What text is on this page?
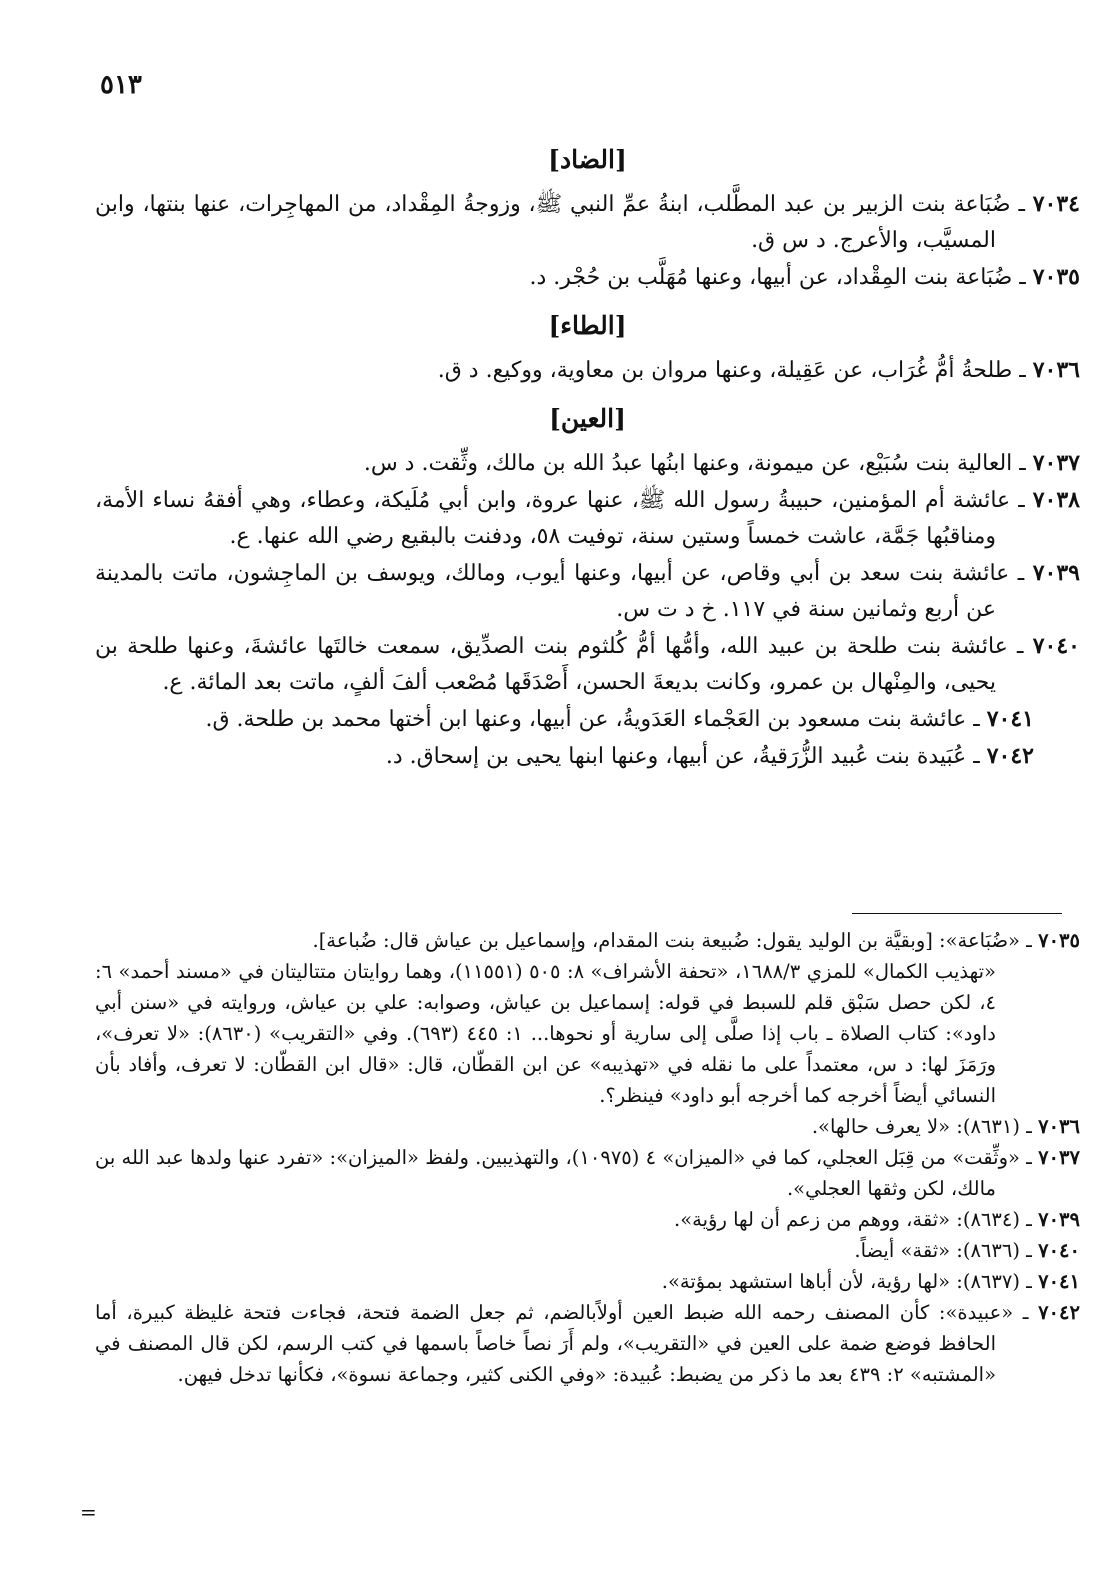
٥١٣
[الضاد]

٧٠٣٤ ـ ضُبَاعة بنت الزبير بن عبد المطَّلب، ابنةُ عمِّ النبي ﷺ، وزوجةُ المِقْداد، من المهاجِرات، عنها بنتها، وابن المسيَّب، والأعرج. د س ق.

٧٠٣٥ ـ ضُبَاعة بنت المِقْداد، عن أبيها، وعنها مُهَلَّب بن حُجْر. د.

[الطاء]

٧٠٣٦ ـ طلحةُ أمُّ غُرَاب، عن عَقِيلة، وعنها مروان بن معاوية، ووكيع. د ق.

[العين]

٧٠٣٧ ـ العالية بنت سُبَيْع، عن ميمونة، وعنها ابنُها عبدُ الله بن مالك، وثِّقت. د س.

٧٠٣٨ ـ عائشة أم المؤمنين، حبيبةُ رسول الله ﷺ، عنها عروة، وابن أبي مُلَيكة، وعطاء، وهي أفقهُ نساء الأمة، ومناقبُها جَمَّة، عاشت خمساً وستين سنة، توفيت ٥٨، ودفنت بالبقيع رضي الله عنها. ع.

٧٠٣٩ ـ عائشة بنت سعد بن أبي وقاص، عن أبيها، وعنها أيوب، ومالك، ويوسف بن الماجِشون، ماتت بالمدينة عن أربع وثمانين سنة في ١١٧. خ د ت س.

٧٠٤٠ ـ عائشة بنت طلحة بن عبيد الله، وأمُّها أمُّ كُلثوم بنت الصدِّيق، سمعت خالتَها عائشةَ، وعنها طلحة بن يحيى، والمِنْهال بن عمرو، وكانت بديعةَ الحسن، أَصْدَقَها مُصْعب ألفَ ألفٍ، ماتت بعد المائة. ع.

٧٠٤١ ـ عائشة بنت مسعود بن العَجْماء العَدَويةُ، عن أبيها، وعنها ابن أختها محمد بن طلحة. ق.

٧٠٤٢ ـ عُبَيدة بنت عُبيد الزُّرَقيةُ، عن أبيها، وعنها ابنها يحيى بن إسحاق. د.

٧٠٣٥ ـ «ضُبَاعة»: [وبقيَّة بن الوليد يقول: ضُبيعة بنت المقدام، وإسماعيل بن عياش قال: ضُباعة].

«تهذيب الكمال» للمزي ١٦٨٨/٣، «تحفة الأشراف» ٨: ٥٠٥ (١١٥٥١)، وهما روايتان متتاليتان في «مسند أحمد» ٦: ٤، لكن حصل سَبْق قلم للسبط في قوله: إسماعيل بن عياش، وصوابه: علي بن عياش، وروايته في «سنن أبي داود»: كتاب الصلاة ـ باب إذا صلَّى إلى سارية أو نحوها... ١: ٤٤٥ (٦٩٣). وفي «التقريب» (٨٦٣٠): «لا تعرف»، ورَمَزَ لها: د س، معتمداً على ما نقله في «تهذيبه» عن ابن القطّان، قال: «قال ابن القطّان: لا تعرف، وأفاد بأن النسائي أيضاً أخرجه كما أخرجه أبو داود» فينظر؟.

٧٠٣٦ ـ (٨٦٣١): «لا يعرف حالها».

٧٠٣٧ ـ «وثِّقت» من قِبَل العجلي، كما في «الميزان» ٤ (١٠٩٧٥)، والتهذيبين. ولفظ «الميزان»: «تفرد عنها ولدها عبد الله بن مالك، لكن وثقها العجلي».

٧٠٣٩ ـ (٨٦٣٤): «ثقة، ووهم من زعم أن لها رؤية».

٧٠٤٠ ـ (٨٦٣٦): «ثقة» أيضاً.

٧٠٤١ ـ (٨٦٣٧): «لها رؤية، لأن أباها استشهد بمؤتة».

٧٠٤٢ ـ «عبيدة»: كأن المصنف رحمه الله ضبط العين أولاًبالضم، ثم جعل الضمة فتحة، فجاءت فتحة غليظة كبيرة، أما الحافظ فوضع ضمة على العين في «التقريب»، ولم أَرَ نصاً خاصاً باسمها في كتب الرسم، لكن قال المصنف في «المشتبه» ٢: ٤٣٩ بعد ما ذكر من يضبط: عُبيدة: «وفي الكنى كثير، وجماعة نسوة»، فكأنها تدخل فيهن.

=
